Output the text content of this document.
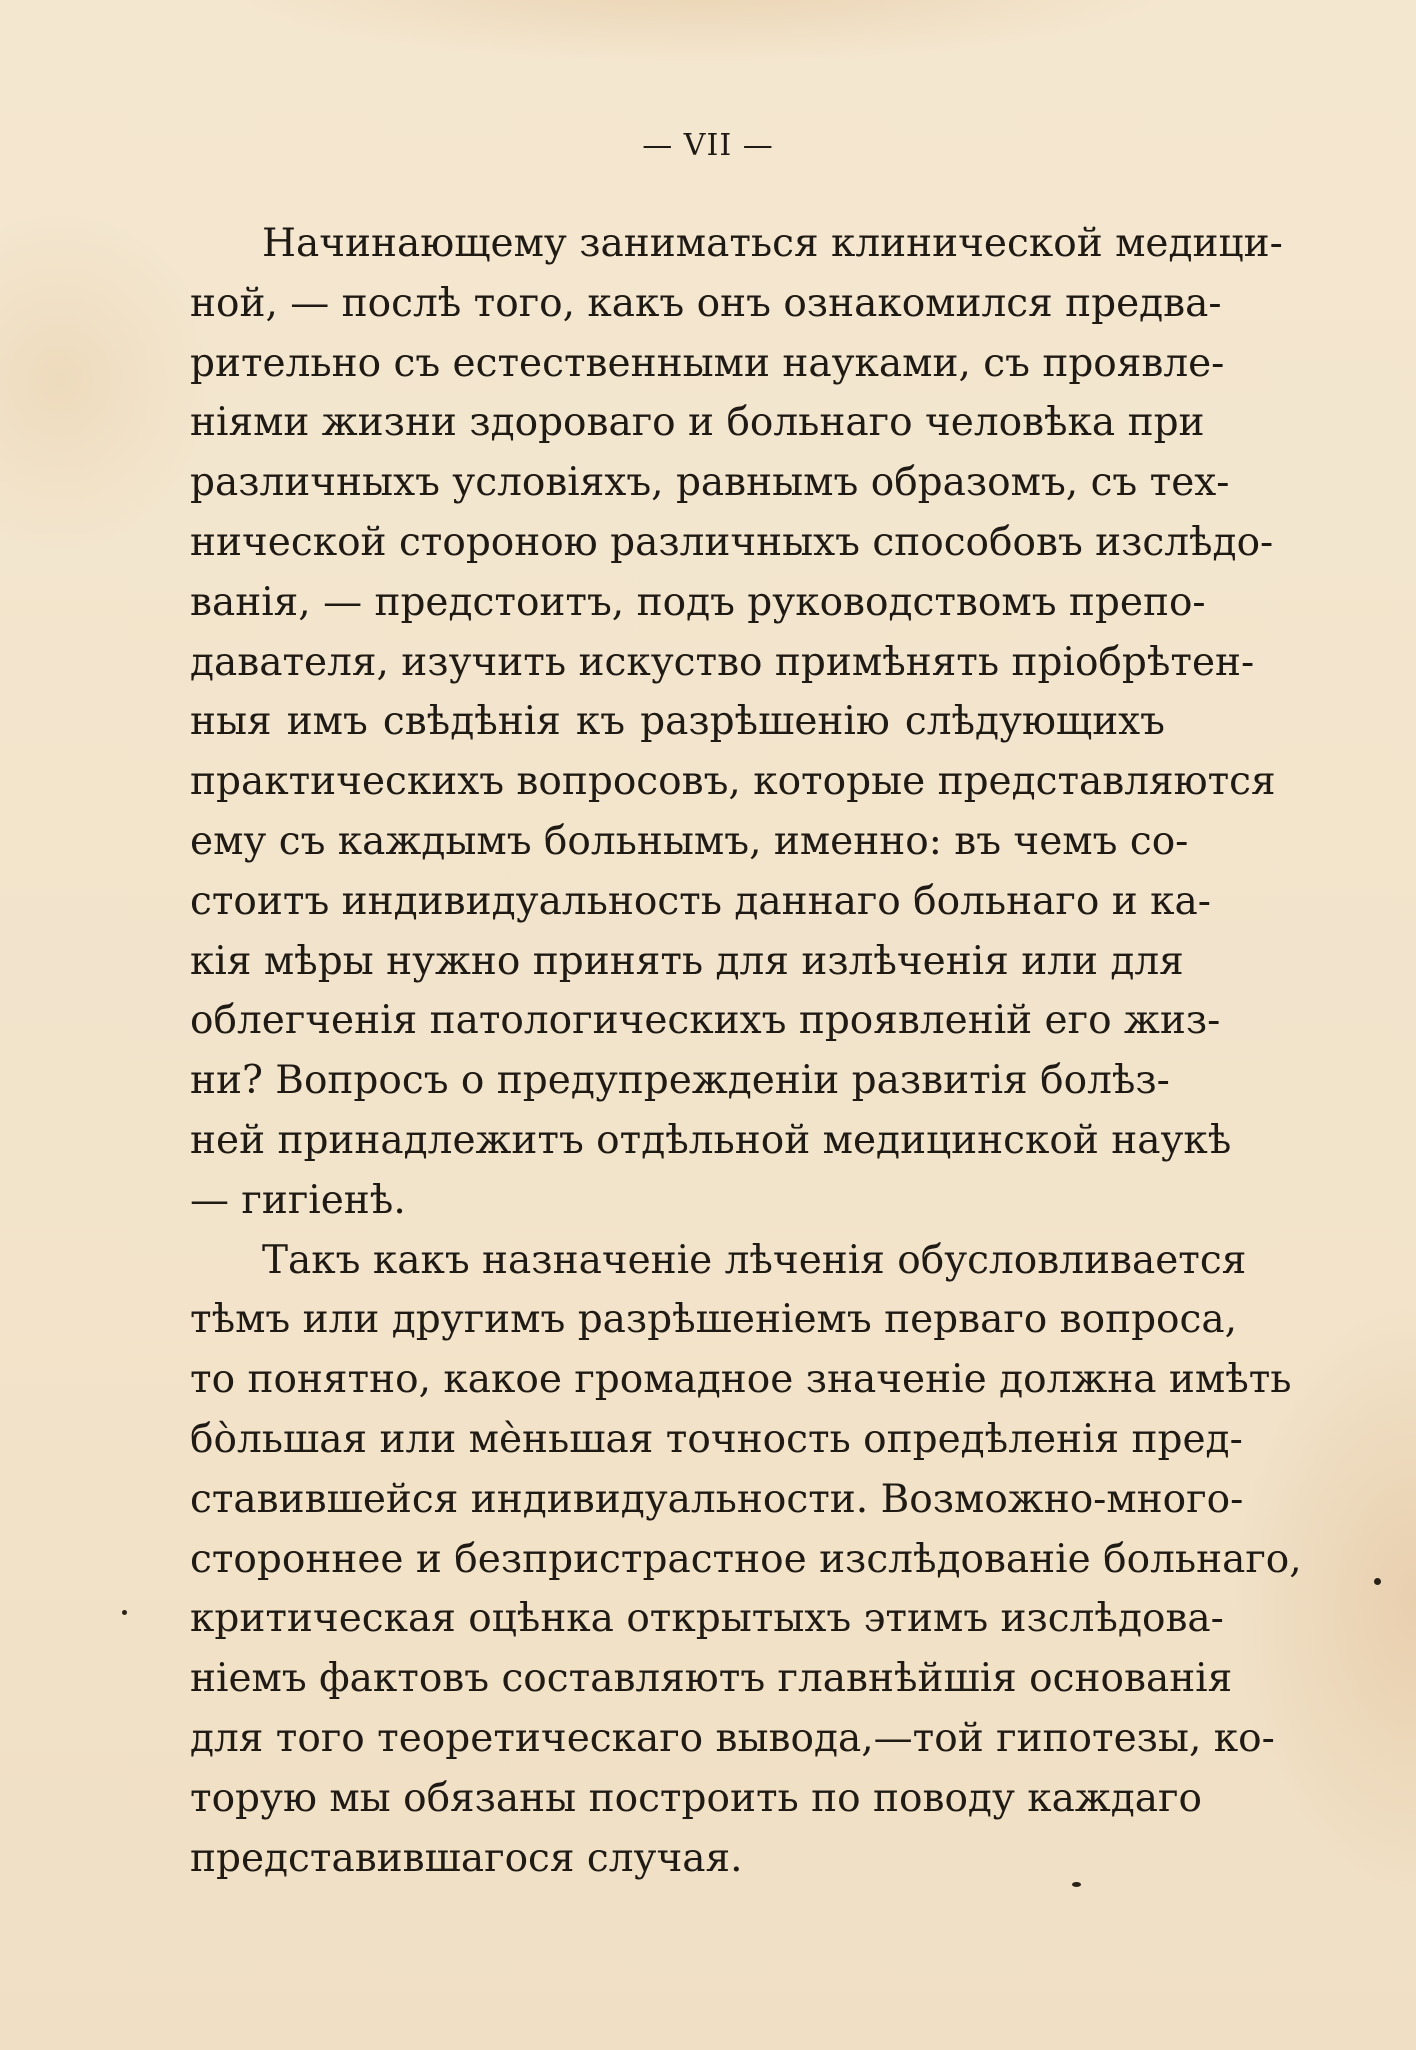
— VII —
Начинающему заниматься клинической медици-
ной, — послѣ того, какъ онъ ознакомился предва-
рительно съ естественными науками, съ проявле-
ніями жизни здороваго и больнаго человѣка при
различныхъ условіяхъ, равнымъ образомъ, съ тех-
нической стороною различныхъ способовъ изслѣдо-
ванія, — предстоитъ, подъ руководствомъ препо-
давателя, изучить искуство примѣнять пріобрѣтен-
ныя имъ свѣдѣнія къ разрѣшенію слѣдующихъ
практическихъ вопросовъ, которые представляются
ему съ каждымъ больнымъ, именно: въ чемъ со-
стоитъ индивидуальность даннаго больнаго и ка-
кія мѣры нужно принять для излѣченія или для
облегченія патологическихъ проявленій его жиз-
ни? Вопросъ о предупрежденіи развитія болѣз-
ней принадлежитъ отдѣльной медицинской наукѣ
— гигіенѣ.
Такъ какъ назначеніе лѣченія обусловливается
тѣмъ или другимъ разрѣшеніемъ перваго вопроса,
то понятно, какое громадное значеніе должна имѣть
бо̀льшая или мѐньшая точность опредѣленія пред-
ставившейся индивидуальности. Возможно-много-
стороннее и безпристрастное изслѣдованіе больнаго,
критическая оцѣнка открытыхъ этимъ изслѣдова-
ніемъ фактовъ составляютъ главнѣйшія основанія
для того теоретическаго вывода,—той гипотезы, ко-
торую мы обязаны построить по поводу каждаго
представившагося случая.
